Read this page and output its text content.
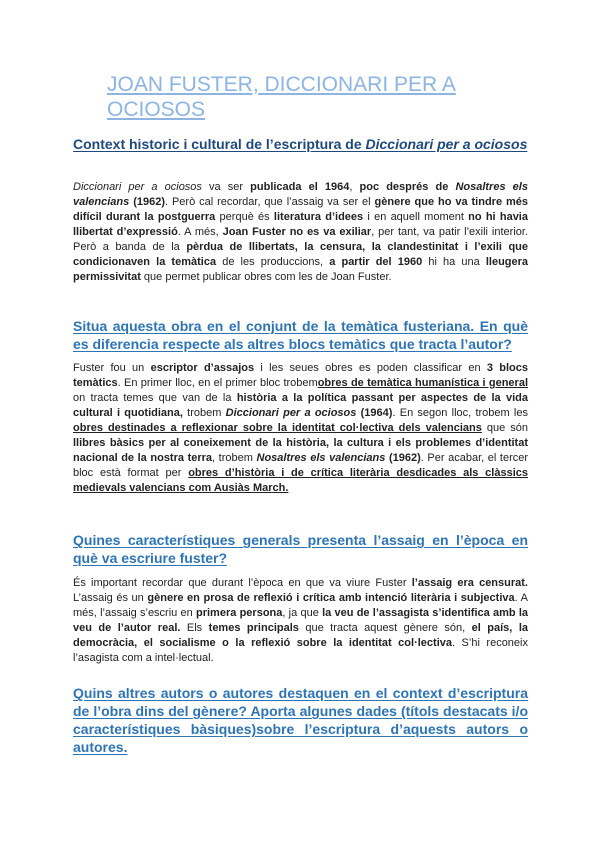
JOAN FUSTER, DICCIONARI PER A OCIOSOS
Context historic i cultural de l’escriptura de Diccionari per a ociosos

Diccionari per a ociosos va ser publicada el 1964, poc després de Nosaltres els valencians (1962). Però cal recordar, que l’assaig va ser el gènere que ho va tindre més difícil durant la postguerra perquè és literatura d’idees i en aquell moment no hi havia llibertat d’expressió. A més, Joan Fuster no es va exiliar, per tant, va patir l’exili interior. Però a banda de la pèrdua de llibertats, la censura, la clandestinitat i l’exili que condicionaven la temàtica de les produccions, a partir del 1960 hi ha una lleugera permissivitat que permet publicar obres com les de Joan Fuster.

Situa aquesta obra en el conjunt de la temàtica fusteriana. En què es diferencia respecte als altres blocs temàtics que tracta l’autor?

Fuster fou un escriptor d’assajos i les seues obres es poden classificar en 3 blocs temàtics. En primer lloc, en el primer bloc trobemobres de temàtica humanística i general on tracta temes que van de la història a la política passant per aspectes de la vida cultural i quotidiana, trobem Diccionari per a ociosos (1964). En segon lloc, trobem les obres destinades a reflexionar sobre la identitat col·lectiva dels valencians que són llibres bàsics per al coneixement de la història, la cultura i els problemes d’identitat nacional de la nostra terra, trobem Nosaltres els valencians (1962). Per acabar, el tercer bloc està format per obres d’història i de crítica literària desdicades als clàssics medievals valencians com Ausiàs March.

Quines característiques generals presenta l’assaig en l’època en què va escriure fuster?

És important recordar que durant l’època en que va viure Fuster l’assaig era censurat. L’assaig és un gènere en prosa de reflexió i crítica amb intenció literària i subjectiva. A més, l’assaig s’escriu en primera persona, ja que la veu de l’assagista s’identifica amb la veu de l’autor real. Els temes principals que tracta aquest gènere són, el país, la democràcia, el socialisme o la reflexió sobre la identitat col·lectiva. S’hi reconeix l’asagista com a intel·lectual.

Quins altres autors o autores destaquen en el context d’escriptura de l’obra dins del gènere? Aporta algunes dades (títols destacats i/o característiques bàsiques)sobre l’escriptura d’aquests autors o autores.
